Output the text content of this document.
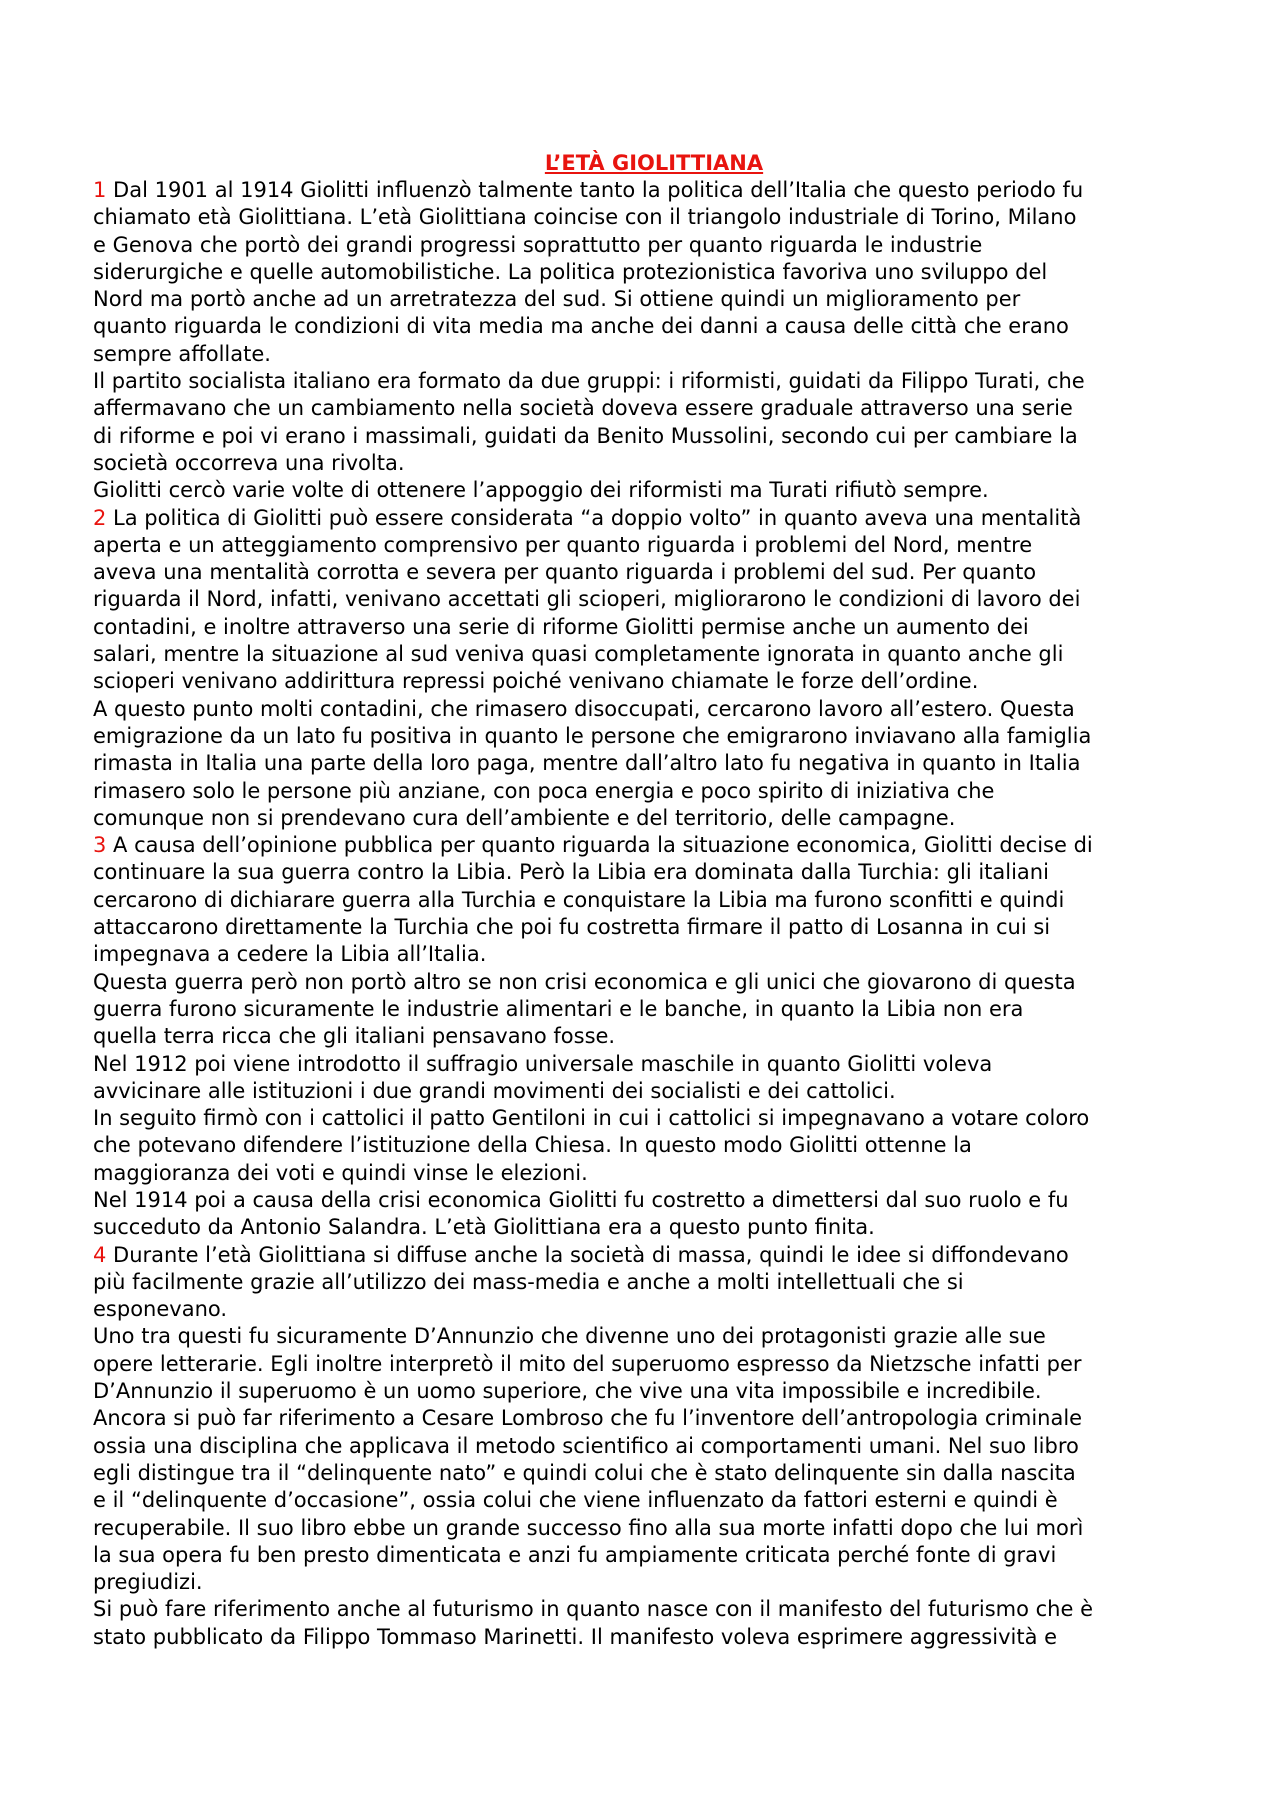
L’ETÀ GIOLITTIANA

1 Dal 1901 al 1914 Giolitti influenzò talmente tanto la politica dell’Italia che questo periodo fu
chiamato età Giolittiana. L’età Giolittiana coincise con il triangolo industriale di Torino, Milano
e Genova che portò dei grandi progressi soprattutto per quanto riguarda le industrie
siderurgiche e quelle automobilistiche. La politica protezionistica favoriva uno sviluppo del
Nord ma portò anche ad un arretratezza del sud. Si ottiene quindi un miglioramento per
quanto riguarda le condizioni di vita media ma anche dei danni a causa delle città che erano
sempre affollate.

Il partito socialista italiano era formato da due gruppi: i riformisti, guidati da Filippo Turati, che
affermavano che un cambiamento nella società doveva essere graduale attraverso una serie
di riforme e poi vi erano i massimali, guidati da Benito Mussolini, secondo cui per cambiare la
società occorreva una rivolta.

Giolitti cercò varie volte di ottenere l’appoggio dei riformisti ma Turati rifiutò sempre.

2 La politica di Giolitti può essere considerata “a doppio volto” in quanto aveva una mentalità
aperta e un atteggiamento comprensivo per quanto riguarda i problemi del Nord, mentre
aveva una mentalità corrotta e severa per quanto riguarda i problemi del sud. Per quanto
riguarda il Nord, infatti, venivano accettati gli scioperi, migliorarono le condizioni di lavoro dei
contadini, e inoltre attraverso una serie di riforme Giolitti permise anche un aumento dei
salari, mentre la situazione al sud veniva quasi completamente ignorata in quanto anche gli
scioperi venivano addirittura repressi poiché venivano chiamate le forze dell’ordine.

A questo punto molti contadini, che rimasero disoccupati, cercarono lavoro all’estero. Questa
emigrazione da un lato fu positiva in quanto le persone che emigrarono inviavano alla famiglia
rimasta in Italia una parte della loro paga, mentre dall’altro lato fu negativa in quanto in Italia
rimasero solo le persone più anziane, con poca energia e poco spirito di iniziativa che
comunque non si prendevano cura dell’ambiente e del territorio, delle campagne.

3 A causa dell’opinione pubblica per quanto riguarda la situazione economica, Giolitti decise di
continuare la sua guerra contro la Libia. Però la Libia era dominata dalla Turchia: gli italiani
cercarono di dichiarare guerra alla Turchia e conquistare la Libia ma furono sconfitti e quindi
attaccarono direttamente la Turchia che poi fu costretta firmare il patto di Losanna in cui si
impegnava a cedere la Libia all’Italia.

Questa guerra però non portò altro se non crisi economica e gli unici che giovarono di questa
guerra furono sicuramente le industrie alimentari e le banche, in quanto la Libia non era
quella terra ricca che gli italiani pensavano fosse.

Nel 1912 poi viene introdotto il suffragio universale maschile in quanto Giolitti voleva
avvicinare alle istituzioni i due grandi movimenti dei socialisti e dei cattolici.

In seguito firmò con i cattolici il patto Gentiloni in cui i cattolici si impegnavano a votare coloro
che potevano difendere l’istituzione della Chiesa. In questo modo Giolitti ottenne la
maggioranza dei voti e quindi vinse le elezioni.

Nel 1914 poi a causa della crisi economica Giolitti fu costretto a dimettersi dal suo ruolo e fu
succeduto da Antonio Salandra. L’età Giolittiana era a questo punto finita.

4 Durante l’età Giolittiana si diffuse anche la società di massa, quindi le idee si diffondevano
più facilmente grazie all’utilizzo dei mass-media e anche a molti intellettuali che si
esponevano.

Uno tra questi fu sicuramente D’Annunzio che divenne uno dei protagonisti grazie alle sue
opere letterarie. Egli inoltre interpretò il mito del superuomo espresso da Nietzsche infatti per
D’Annunzio il superuomo è un uomo superiore, che vive una vita impossibile e incredibile.

Ancora si può far riferimento a Cesare Lombroso che fu l’inventore dell’antropologia criminale
ossia una disciplina che applicava il metodo scientifico ai comportamenti umani. Nel suo libro
egli distingue tra il “delinquente nato” e quindi colui che è stato delinquente sin dalla nascita
e il “delinquente d’occasione”, ossia colui che viene influenzato da fattori esterni e quindi è
recuperabile. Il suo libro ebbe un grande successo fino alla sua morte infatti dopo che lui morì
la sua opera fu ben presto dimenticata e anzi fu ampiamente criticata perché fonte di gravi
pregiudizi.

Si può fare riferimento anche al futurismo in quanto nasce con il manifesto del futurismo che è
stato pubblicato da Filippo Tommaso Marinetti. Il manifesto voleva esprimere aggressività e
